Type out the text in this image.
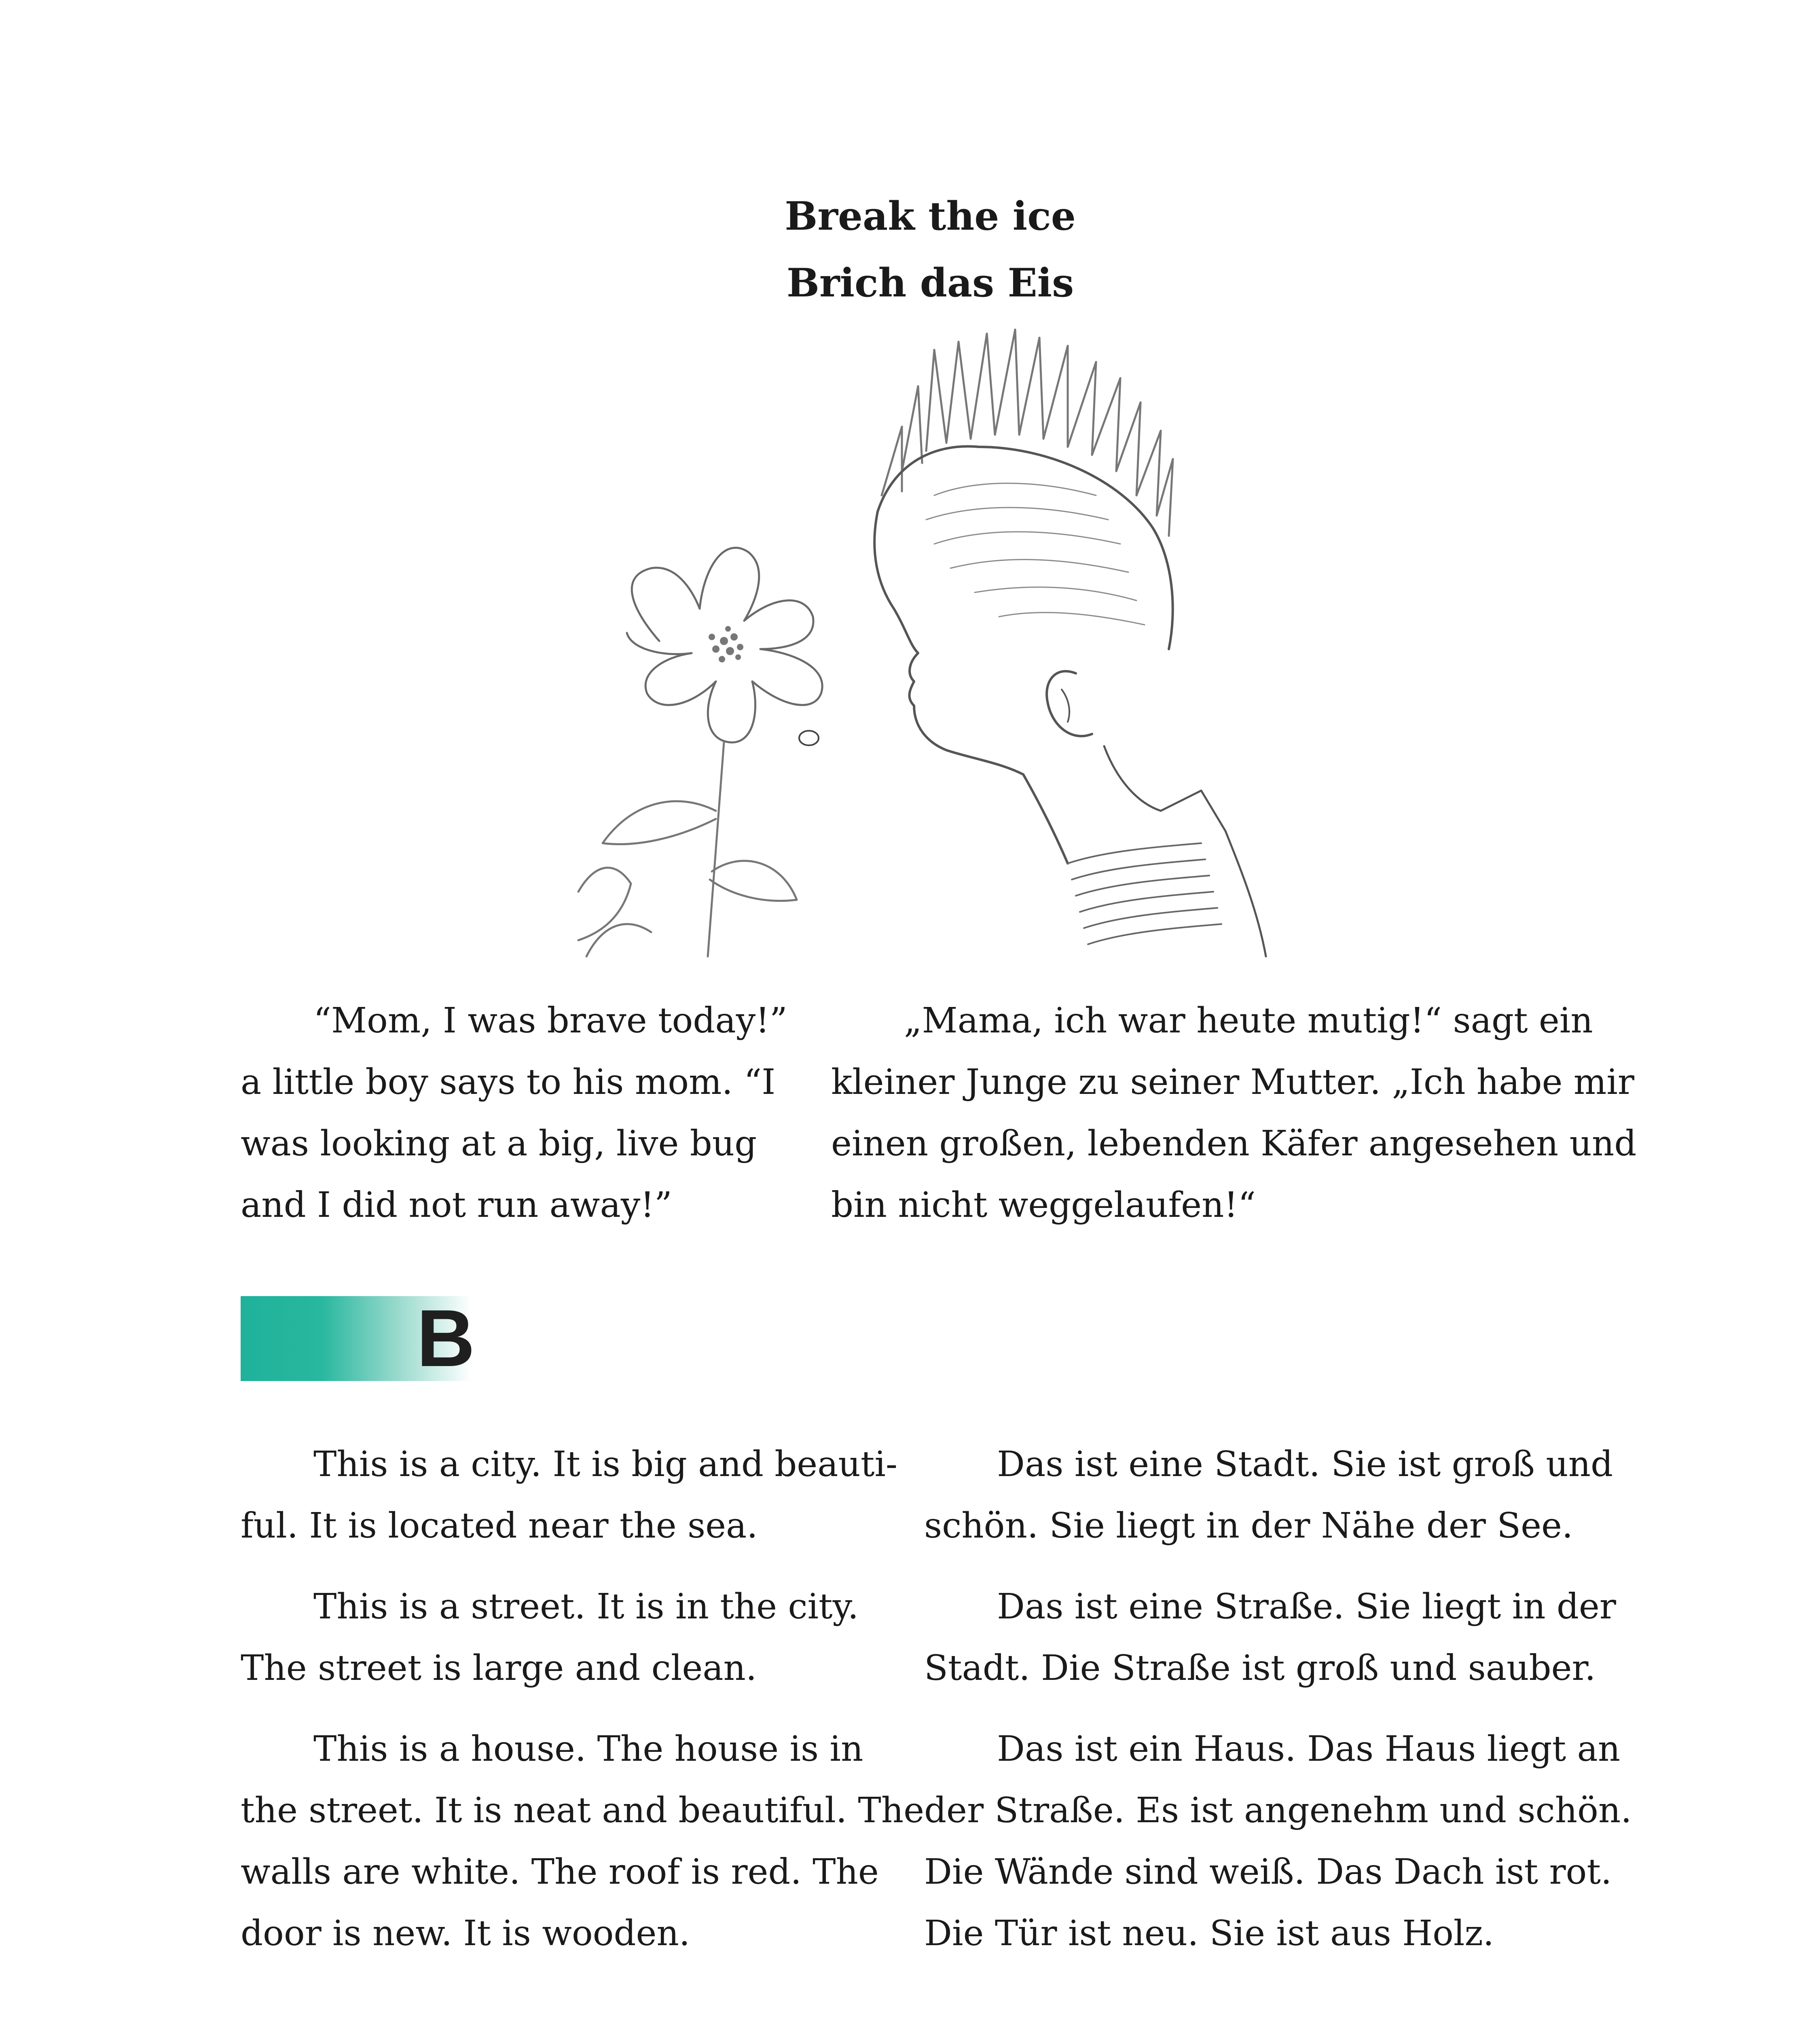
Break the ice
Brich das Eis

“Mom, I was brave today!” a little boy says to his mom. “I was looking at a big, live bug and I did not run away!”

„Mama, ich war heute mutig!“ sagt ein kleiner Junge zu seiner Mutter. „Ich habe mir einen großen, lebenden Käfer angesehen und bin nicht weggelaufen!“

B

This is a city. It is big and beauti-ful. It is located near the sea.

This is a street. It is in the city. The street is large and clean.

This is a house. The house is in the street. It is neat and beautiful. The walls are white. The roof is red. The door is new. It is wooden.

Das ist eine Stadt. Sie ist groß und schön. Sie liegt in der Nähe der See.

Das ist eine Straße. Sie liegt in der Stadt. Die Straße ist groß und sauber.

Das ist ein Haus. Das Haus liegt an der Straße. Es ist angenehm und schön. Die Wände sind weiß. Das Dach ist rot. Die Tür ist neu. Sie ist aus Holz.
